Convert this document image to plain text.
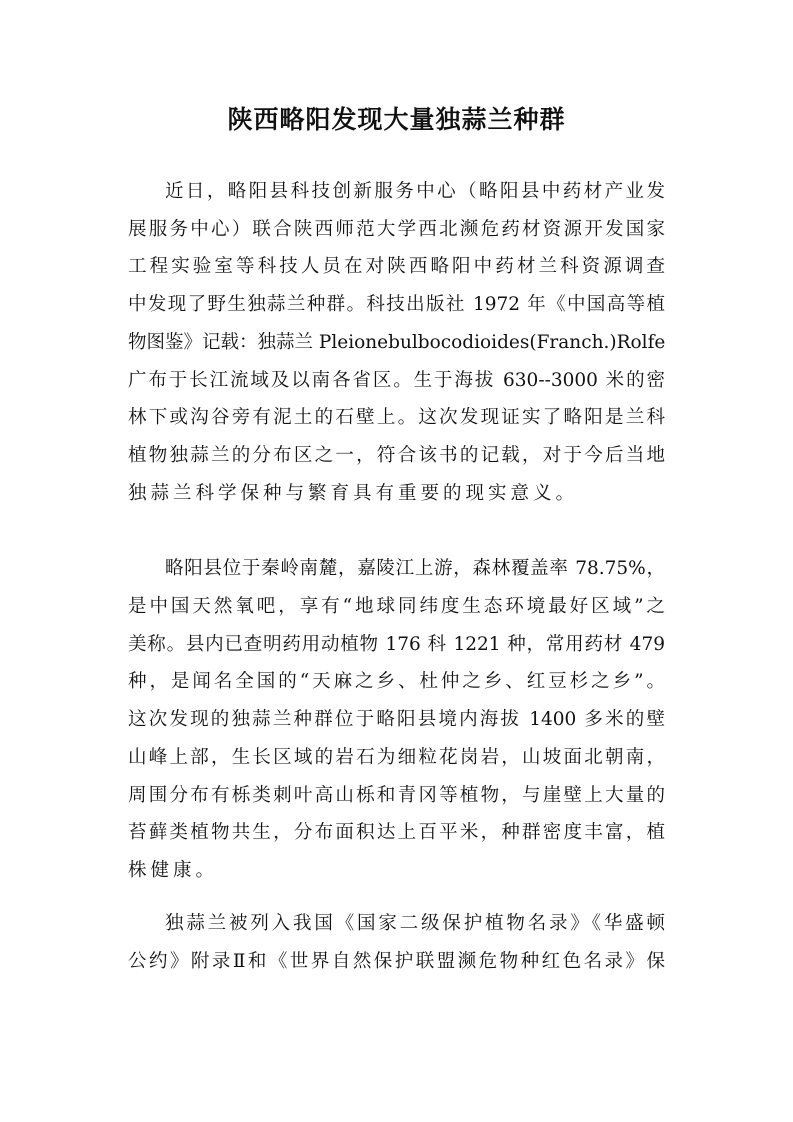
陕西略阳发现大量独蒜兰种群
近日，略阳县科技创新服务中心（略阳县中药材产业发
展服务中心）联合陕西师范大学西北濒危药材资源开发国家
工程实验室等科技人员在对陕西略阳中药材兰科资源调查
中发现了野生独蒜兰种群。科技出版社 1972 年《中国高等植
物图鉴》记载：独蒜兰 Pleionebulbocodioides(Franch.)Rolfe
广布于长江流域及以南各省区。生于海拔 630--3000 米的密
林下或沟谷旁有泥土的石壁上。这次发现证实了略阳是兰科
植物独蒜兰的分布区之一，符合该书的记载，对于今后当地
独蒜兰科学保种与繁育具有重要的现实意义。
略阳县位于秦岭南麓，嘉陵江上游，森林覆盖率 78.75%，
是中国天然氧吧，享有“地球同纬度生态环境最好区域”之
美称。县内已查明药用动植物 176 科 1221 种，常用药材 479
种，是闻名全国的“天麻之乡、杜仲之乡、红豆杉之乡”。
这次发现的独蒜兰种群位于略阳县境内海拔 1400 多米的壁
山峰上部，生长区域的岩石为细粒花岗岩，山坡面北朝南，
周围分布有栎类刺叶高山栎和青冈等植物，与崖壁上大量的
苔藓类植物共生，分布面积达上百平米，种群密度丰富，植
株健康。
独蒜兰被列入我国《国家二级保护植物名录》《华盛顿
公约》附录Ⅱ和《世界自然保护联盟濒危物种红色名录》保
